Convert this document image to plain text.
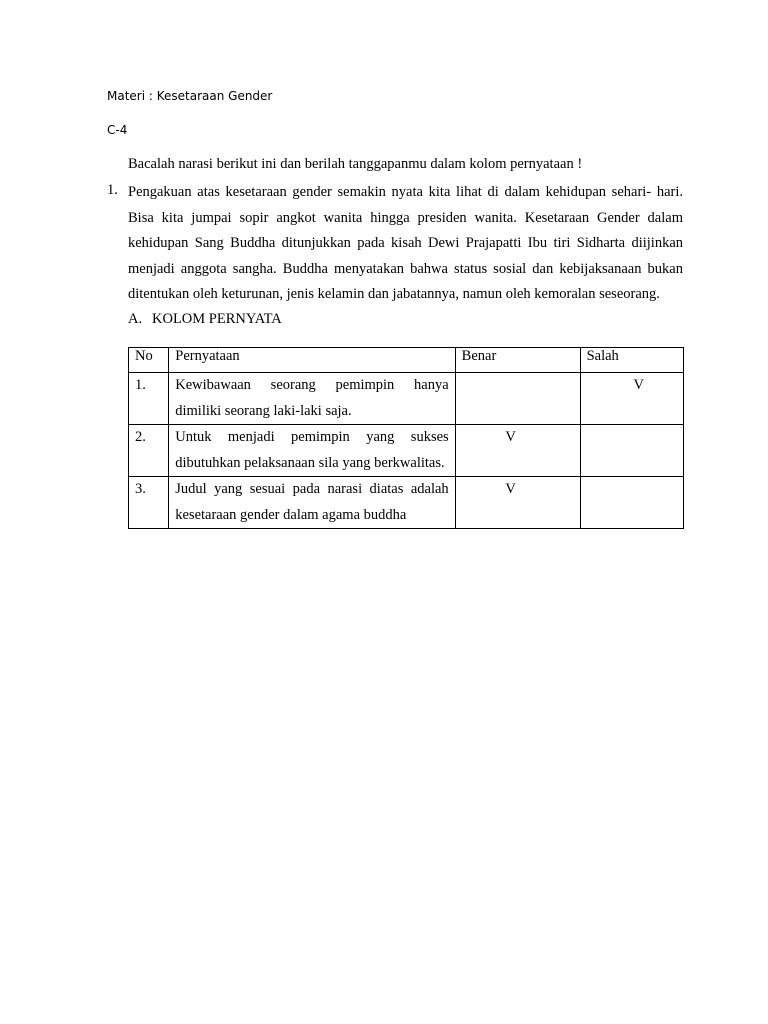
Materi : Kesetaraan Gender
C-4
Bacalah narasi berikut ini dan berilah tanggapanmu dalam kolom pernyataan !
1. Pengakuan atas kesetaraan gender semakin nyata kita lihat di dalam kehidupan sehari- hari. Bisa kita jumpai sopir angkot wanita hingga presiden wanita. Kesetaraan Gender dalam kehidupan Sang Buddha ditunjukkan pada kisah Dewi Prajapatti Ibu tiri Sidharta diijinkan menjadi anggota sangha. Buddha menyatakan bahwa status sosial dan kebijaksanaan bukan ditentukan oleh keturunan, jenis kelamin dan jabatannya, namun oleh kemoralan seseorang.

A. KOLOM PERNYATA
No	Pernyataan	Benar	Salah
1.	Kewibawaan seorang pemimpin hanya dimiliki seorang laki-laki saja.		V
2.	Untuk menjadi pemimpin yang sukses dibutuhkan pelaksanaan sila yang berkwalitas.	V	
3.	Judul yang sesuai pada narasi diatas adalah kesetaraan gender dalam agama buddha	V	
